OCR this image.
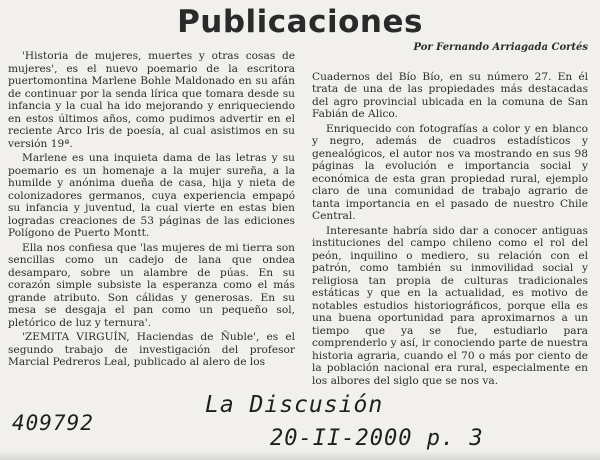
Publicaciones

'Historia de mujeres, muertes y otras cosas de mujeres', es el nuevo poemario de la escritora puertomontina Marlene Bohle Maldonado en su afán de continuar por la senda lírica que tomara desde su infancia y la cual ha ido mejorando y enriqueciendo en estos últimos años, como pudimos advertir en el reciente Arco Iris de poesía, al cual asistimos en su versión 19ª.

Marlene es una inquieta dama de las letras y su poemario es un homenaje a la mujer sureña, a la humilde y anónima dueña de casa, hija y nieta de colonizadores germanos, cuya experiencia empapó su infancia y juventud, la cual vierte en estas bien logradas creaciones de 53 páginas de las ediciones Polígono de Puerto Montt.

Ella nos confiesa que 'las mujeres de mi tierra son sencillas como un cadejo de lana que ondea desamparo, sobre un alambre de púas. En su corazón simple subsiste la esperanza como el más grande atributo. Son cálidas y generosas. En su mesa se desgaja el pan como un pequeño sol, pletórico de luz y ternura'.

'ZEMITA VIRGUÍN, Haciendas de Ñuble', es el segundo trabajo de investigación del profesor Marcial Pedreros Leal, publicado al alero de los

Por Fernando Arriagada Cortés

Cuadernos del Bío Bío, en su número 27. En él trata de una de las propiedades más destacadas del agro provincial ubicada en la comuna de San Fabián de Alico.

Enriquecido con fotografías a color y en blanco y negro, además de cuadros estadísticos y genealógicos, el autor nos va mostrando en sus 98 páginas la evolución e importancia social y económica de esta gran propiedad rural, ejemplo claro de una comunidad de trabajo agrario de tanta importancia en el pasado de nuestro Chile Central.

Interesante habría sido dar a conocer antiguas instituciones del campo chileno como el rol del peón, inquilino o mediero, su relación con el patrón, como también su inmovilidad social y religiosa tan propia de culturas tradicionales estáticas y que en la actualidad, es motivo de notables estudios historiográficos, porque ella es una buena oportunidad para aproximarnos a un tiempo que ya se fue, estudiarlo para comprenderlo y así, ir conociendo parte de nuestra historia agraria, cuando el 70 o más por ciento de la población nacional era rural, especialmente en los albores del siglo que se nos va.

409792
La Discusión
20-II-2000 p. 3
